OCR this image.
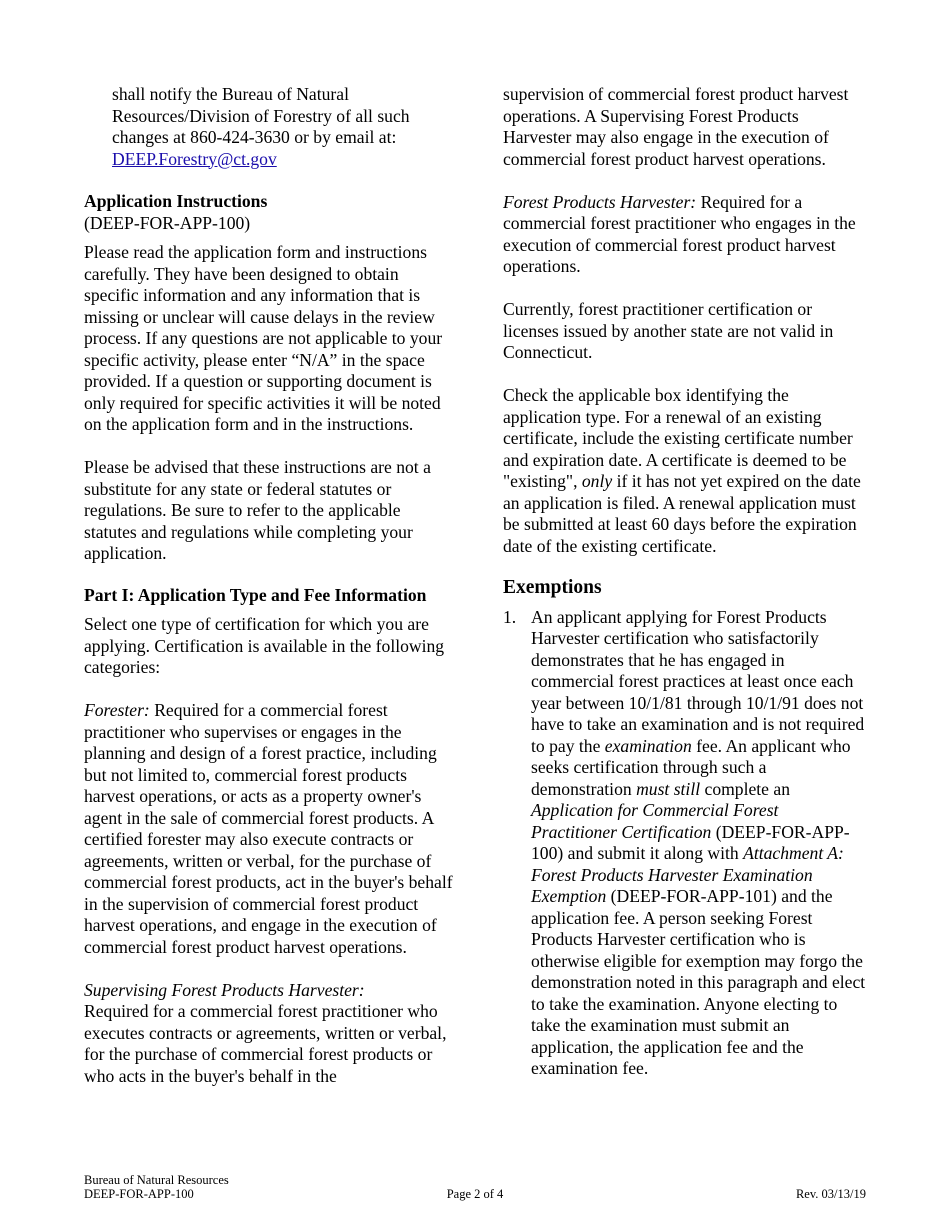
shall notify the Bureau of Natural Resources/Division of Forestry of all such changes at 860-424-3630 or by email at:

DEEP.Forestry@ct.gov

Application Instructions

(DEEP-FOR-APP-100)

Please read the application form and instructions carefully. They have been designed to obtain specific information and any information that is missing or unclear will cause delays in the review process. If any questions are not applicable to your specific activity, please enter “N/A” in the space provided. If a question or supporting document is only required for specific activities it will be noted on the application form and in the instructions.

Please be advised that these instructions are not a substitute for any state or federal statutes or regulations. Be sure to refer to the applicable statutes and regulations while completing your application.

Part I: Application Type and Fee Information

Select one type of certification for which you are applying. Certification is available in the following categories:

Forester: Required for a commercial forest practitioner who supervises or engages in the planning and design of a forest practice, including but not limited to, commercial forest products harvest operations, or acts as a property owner's agent in the sale of commercial forest products. A certified forester may also execute contracts or agreements, written or verbal, for the purchase of commercial forest products, act in the buyer's behalf in the supervision of commercial forest product harvest operations, and engage in the execution of commercial forest product harvest operations.

Supervising Forest Products Harvester:
Required for a commercial forest practitioner who executes contracts or agreements, written or verbal, for the purchase of commercial forest products or who acts in the buyer's behalf in the

supervision of commercial forest product harvest operations. A Supervising Forest Products Harvester may also engage in the execution of commercial forest product harvest operations.

Forest Products Harvester: Required for a commercial forest practitioner who engages in the execution of commercial forest product harvest operations.

Currently, forest practitioner certification or licenses issued by another state are not valid in Connecticut.

Check the applicable box identifying the application type. For a renewal of an existing certificate, include the existing certificate number and expiration date. A certificate is deemed to be "existing", only if it has not yet expired on the date an application is filed. A renewal application must be submitted at least 60 days before the expiration date of the existing certificate.

Exemptions

1. An applicant applying for Forest Products Harvester certification who satisfactorily demonstrates that he has engaged in commercial forest practices at least once each year between 10/1/81 through 10/1/91 does not have to take an examination and is not required to pay the examination fee. An applicant who seeks certification through such a demonstration must still complete an Application for Commercial Forest Practitioner Certification (DEEP-FOR-APP-100) and submit it along with Attachment A: Forest Products Harvester Examination Exemption (DEEP-FOR-APP-101) and the application fee. A person seeking Forest Products Harvester certification who is otherwise eligible for exemption may forgo the demonstration noted in this paragraph and elect to take the examination. Anyone electing to take the examination must submit an application, the application fee and the examination fee.
Bureau of Natural Resources
DEEP-FOR-APP-100	Page 2 of 4	Rev. 03/13/19
